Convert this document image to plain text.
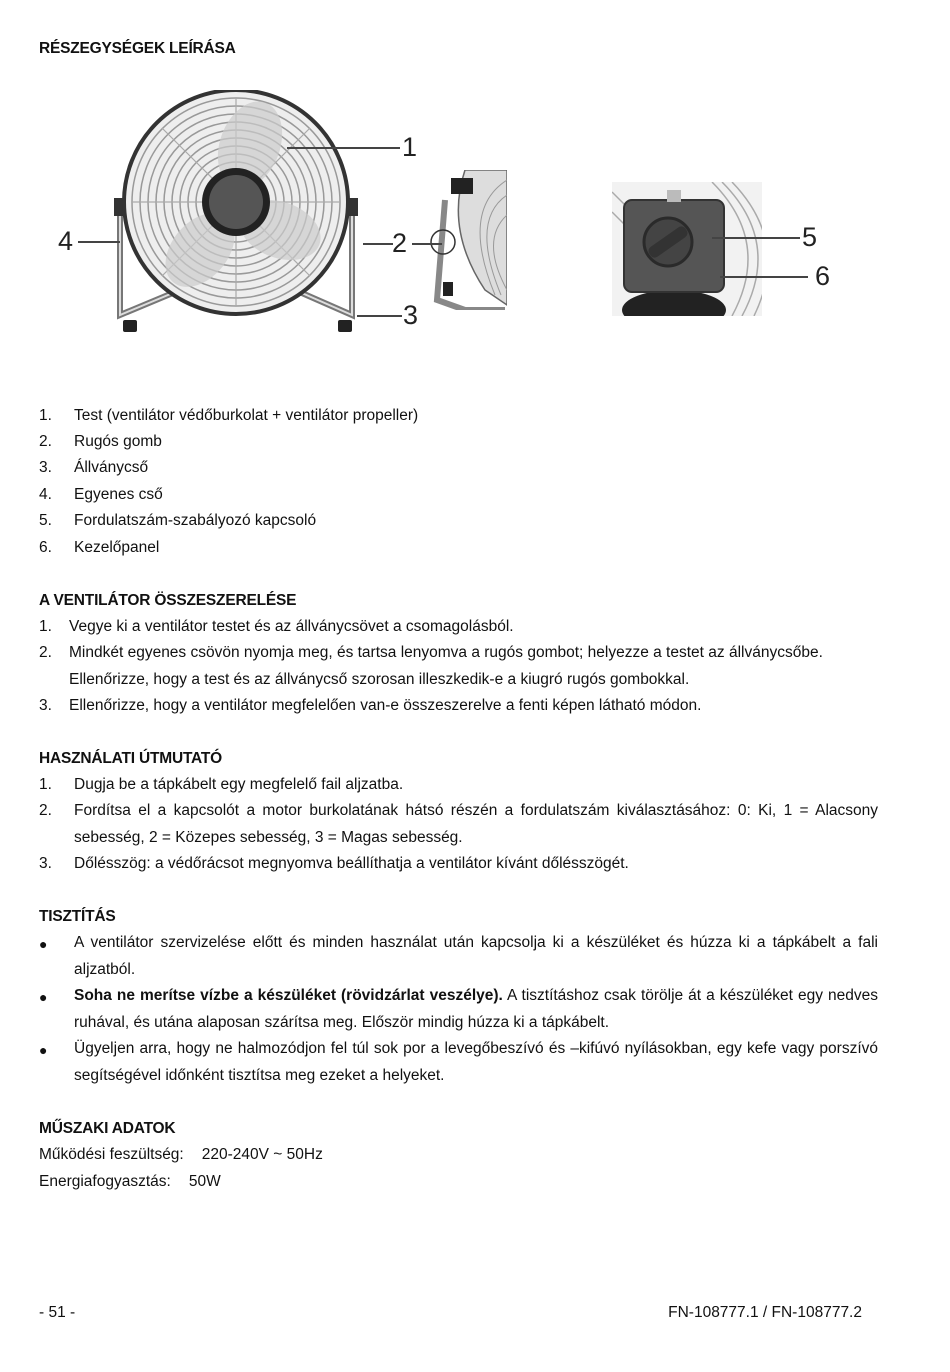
RÉSZEGYSÉGEK LEÍRÁSA
1
2
3
4	5
6
1. Test (ventilátor védőburkolat + ventilátor propeller)
2. Rugós gomb
3. Állványcső
4. Egyenes cső
5. Fordulatszám-szabályozó kapcsoló
6. Kezelőpanel
A VENTILÁTOR ÖSSZESZERELÉSE
1. Vegye ki a ventilátor testet és az állványcsövet a csomagolásból.
2. Mindkét egyenes csövön nyomja meg, és tartsa lenyomva a rugós gombot; helyezze a testet az állványcsőbe. Ellenőrizze, hogy a test és az állványcső szorosan illeszkedik-e a kiugró rugós gombokkal.
3. Ellenőrizze, hogy a ventilátor megfelelően van-e összeszerelve a fenti képen látható módon.
HASZNÁLATI ÚTMUTATÓ
1. Dugja be a tápkábelt egy megfelelő fail aljzatba.
2. Fordítsa el a kapcsolót a motor burkolatának hátsó részén a fordulatszám kiválasztásához: 0: Ki, 1 = Alacsony sebesség, 2 = Közepes sebesség, 3 = Magas sebesség.
3. Dőlésszög: a védőrácsot megnyomva beállíthatja a ventilátor kívánt dőlésszögét.
TISZTÍTÁS
● A ventilátor szervizelése előtt és minden használat után kapcsolja ki a készüléket és húzza ki a tápkábelt a fali aljzatból.
● Soha ne merítse vízbe a készüléket (rövidzárlat veszélye). A tisztításhoz csak törölje át a készüléket egy nedves ruhával, és utána alaposan szárítsa meg. Először mindig húzza ki a tápkábelt.
● Ügyeljen arra, hogy ne halmozódjon fel túl sok por a levegőbeszívó és –kifúvó nyílásokban, egy kefe vagy porszívó segítségével időnként tisztítsa meg ezeket a helyeket.
MŰSZAKI ADATOK
Működési feszültség: 220-240V ~ 50Hz
Energiafogyasztás: 50W
- 51 -	FN-108777.1 / FN-108777.2
